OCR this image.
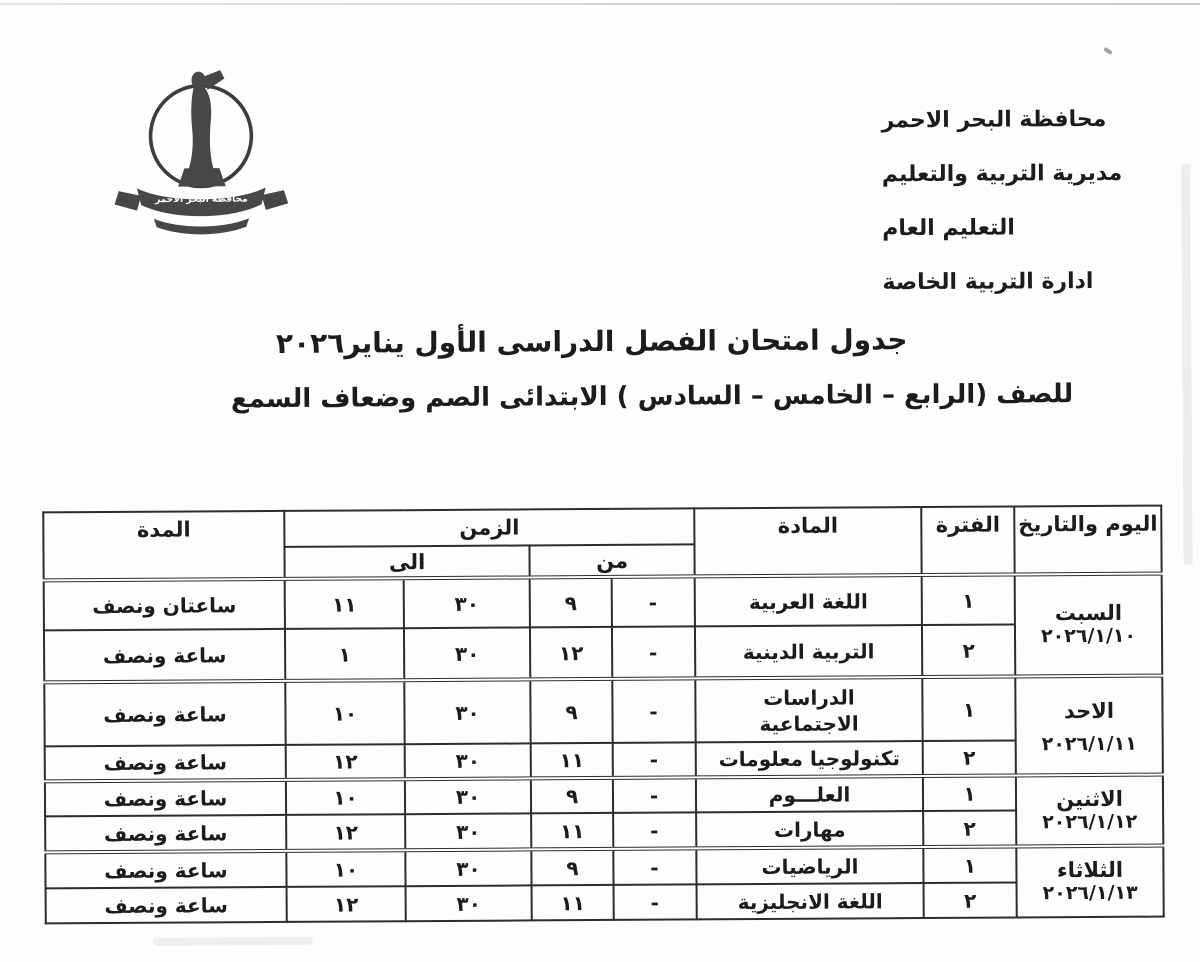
محافظة البحر الأحمر
محافظة البحر الاحمر
مديرية التربية والتعليم
التعليم العام
ادارة التربية الخاصة
جدول امتحان الفصل الدراسى الأول يناير٢٠٢٦
للصف (الرابع – الخامس – السادس ) الابتدائى الصم وضعاف السمع
اليوم والتاريخ	الفترة	المادة	الزمن				المدة
			من		الى		

السبت
٢٠٢٦/١/١٠	١	اللغة العربية	-	٩	٣٠	١١	ساعتان ونصف
	٢	التربية الدينية	-	١٢	٣٠	١	ساعة ونصف

الاحد
٢٠٢٦/١/١١	١	الدراسات الاجتماعية	-	٩	٣٠	١٠	ساعة ونصف
	٢	تكنولوجيا معلومات	-	١١	٣٠	١٢	ساعة ونصف

الاثنين
٢٠٢٦/١/١٢	١	العلـــوم	-	٩	٣٠	١٠	ساعة ونصف
	٢	مهارات	-	١١	٣٠	١٢	ساعة ونصف

الثلاثاء
٢٠٢٦/١/١٣	١	الرياضيات	-	٩	٣٠	١٠	ساعة ونصف
	٢	اللغة الانجليزية	-	١١	٣٠	١٢	ساعة ونصف
